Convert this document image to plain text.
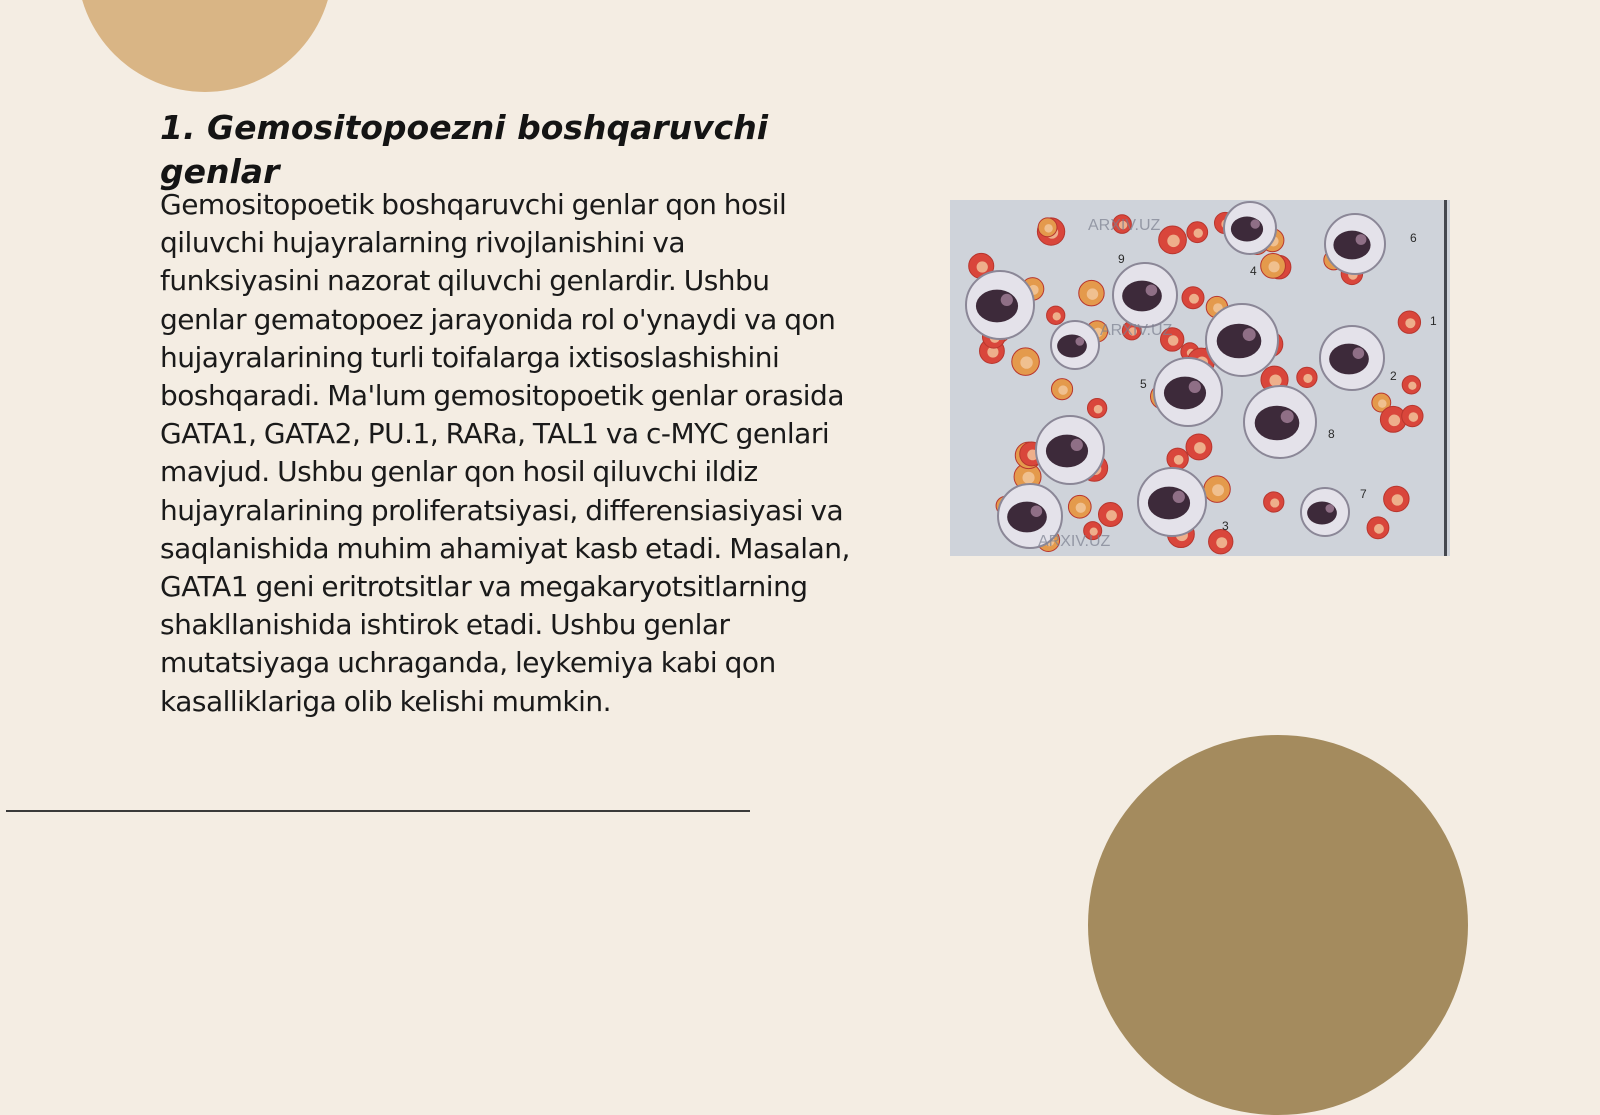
1. Gemositopoezni boshqaruvchi genlar

Gemositopoetik boshqaruvchi genlar qon hosil qiluvchi hujayralarning rivojlanishini va funksiyasini nazorat qiluvchi genlardir. Ushbu genlar gematopoez jarayonida rol o'ynaydi va qon hujayralarining turli toifalarga ixtisoslashishini boshqaradi. Ma'lum gemositopoetik genlar orasida GATA1, GATA2, PU.1, RARa, TAL1 va c-MYC genlari mavjud. Ushbu genlar qon hosil qiluvchi ildiz hujayralarining proliferatsiyasi, differensiasiyasi va saqlanishida muhim ahamiyat kasb etadi. Masalan, GATA1 geni eritrotsitlar va megakaryotsitlarning shakllanishida ishtirok etadi. Ushbu genlar mutatsiyaga uchraganda, leykemiya kabi qon kasalliklariga olib kelishi mumkin.

ARXIV.UZ
ARXIV.UZ
ARXIV.UZ
1
2
3
4
5
6
7
8
9
